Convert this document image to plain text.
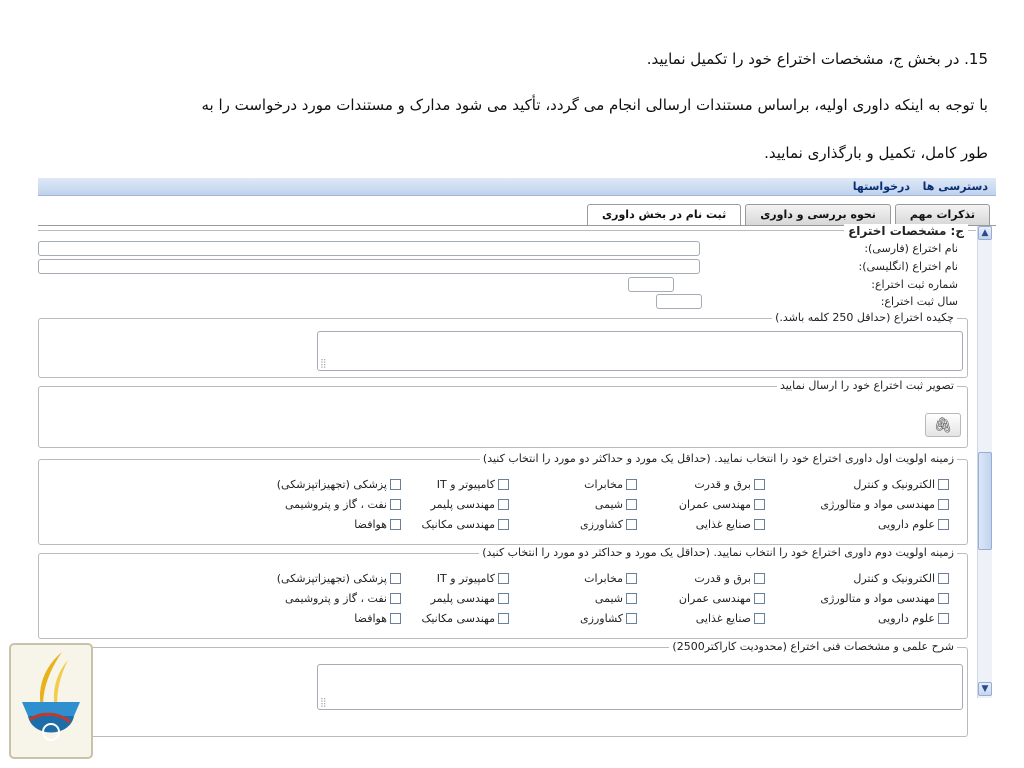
15. در بخش ج، مشخصات اختراع خود را تکمیل نمایید.
با توجه به اینکه داوری اولیه، براساس مستندات ارسالی انجام می گردد، تأکید می شود مدارک و مستندات مورد درخواست را به
طور کامل، تکمیل و بارگذاری نمایید.
دسترسی ها
درخواستها
تذکرات مهم
نحوه بررسی و داوری
ثبت نام در بخش داوری
ج: مشخصات اختراع
نام اختراع (فارسی):
نام اختراع (انگلیسی):
شماره ثبت اختراع:
سال ثبت اختراع:
چکیده اختراع (حداقل 250 کلمه باشد.)
⣿
تصویر ثبت اختراع خود را ارسال نمایید
🖇
زمینه اولویت اول داوری اختراع خود را انتخاب نمایید. (حداقل یک مورد و حداکثر دو مورد را انتخاب کنید)
الکترونیک و کنترل
برق و قدرت
مخابرات
کامپیوتر و IT
پزشکی (تجهیزاتپزشکی)
مهندسی مواد و متالورژی
مهندسی عمران
شیمی
مهندسی پلیمر
نفت ، گاز و پتروشیمی
علوم دارویی
صنایع غذایی
کشاورزی
مهندسی مکانیک
هوافضا
زمینه اولویت دوم داوری اختراع خود را انتخاب نمایید. (حداقل یک مورد و حداکثر دو مورد را انتخاب کنید)
الکترونیک و کنترل
برق و قدرت
مخابرات
کامپیوتر و IT
پزشکی (تجهیزاتپزشکی)
مهندسی مواد و متالورژی
مهندسی عمران
شیمی
مهندسی پلیمر
نفت ، گاز و پتروشیمی
علوم دارویی
صنایع غذایی
کشاورزی
مهندسی مکانیک
هوافضا
شرح علمی و مشخصات فنی اختراع (محدودیت کاراکتر2500)
⣿
▲
▼
